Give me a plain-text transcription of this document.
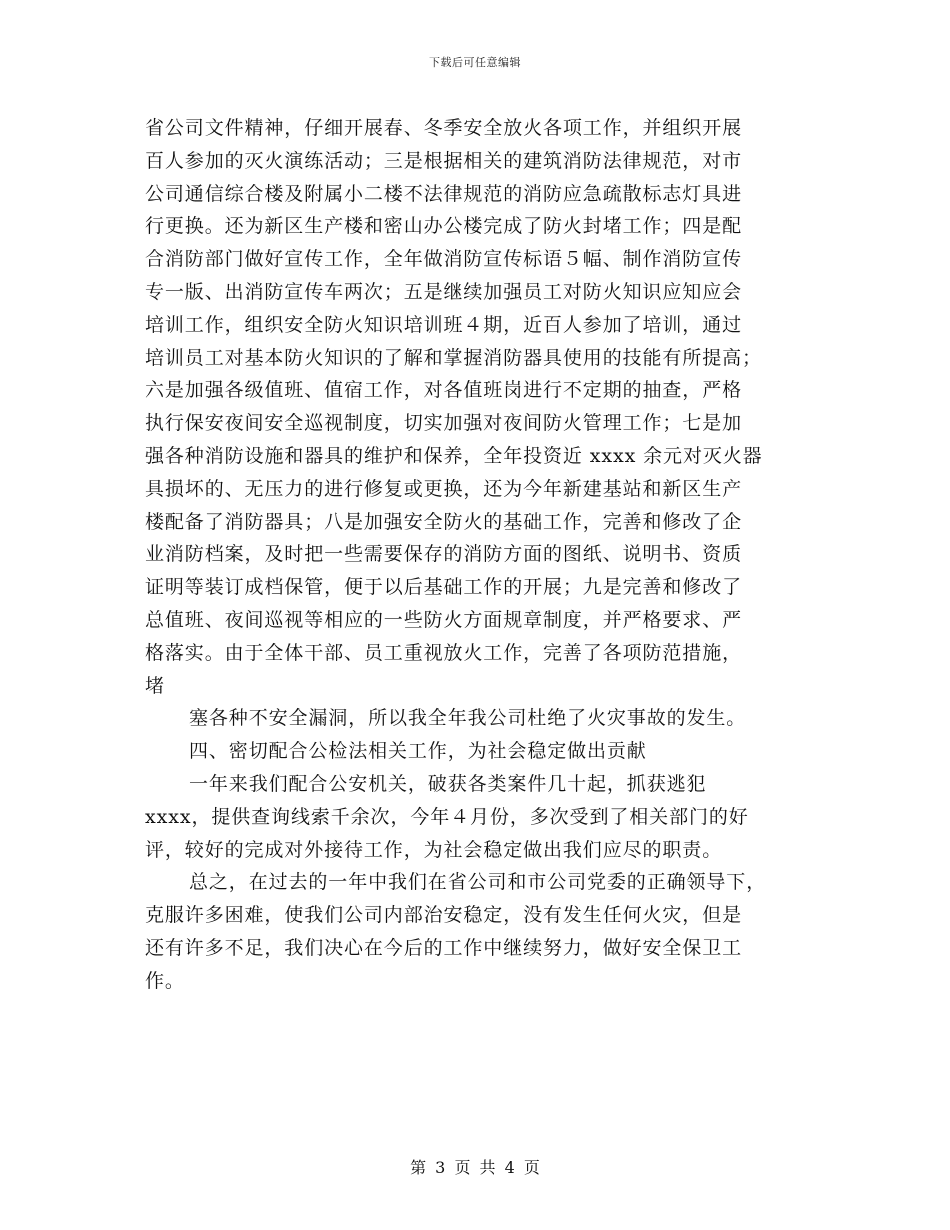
下载后可任意编辑
省公司文件精神，仔细开展春、冬季安全放火各项工作，并组织开展
百人参加的灭火演练活动；三是根据相关的建筑消防法律规范，对市
公司通信综合楼及附属小二楼不法律规范的消防应急疏散标志灯具进
行更换。还为新区生产楼和密山办公楼完成了防火封堵工作；四是配
合消防部门做好宣传工作，全年做消防宣传标语５幅、制作消防宣传
专一版、出消防宣传车两次；五是继续加强员工对防火知识应知应会
培训工作，组织安全防火知识培训班４期，近百人参加了培训，通过
培训员工对基本防火知识的了解和掌握消防器具使用的技能有所提高；
六是加强各级值班、值宿工作，对各值班岗进行不定期的抽查，严格
执行保安夜间安全巡视制度，切实加强对夜间防火管理工作；七是加
强各种消防设施和器具的维护和保养，全年投资近 xxxx 余元对灭火器
具损坏的、无压力的进行修复或更换，还为今年新建基站和新区生产
楼配备了消防器具；八是加强安全防火的基础工作，完善和修改了企
业消防档案，及时把一些需要保存的消防方面的图纸、说明书、资质
证明等装订成档保管，便于以后基础工作的开展；九是完善和修改了
总值班、夜间巡视等相应的一些防火方面规章制度，并严格要求、严
格落实。由于全体干部、员工重视放火工作，完善了各项防范措施，
堵
塞各种不安全漏洞，所以我全年我公司杜绝了火灾事故的发生。
四、密切配合公检法相关工作，为社会稳定做出贡献
一年来我们配合公安机关，破获各类案件几十起，抓获逃犯
xxxx，提供查询线索千余次，今年４月份，多次受到了相关部门的好
评，较好的完成对外接待工作，为社会稳定做出我们应尽的职责。
总之，在过去的一年中我们在省公司和市公司党委的正确领导下，
克服许多困难，使我们公司内部治安稳定，没有发生任何火灾，但是
还有许多不足，我们决心在今后的工作中继续努力，做好安全保卫工
作。
第 3 页 共 4 页
